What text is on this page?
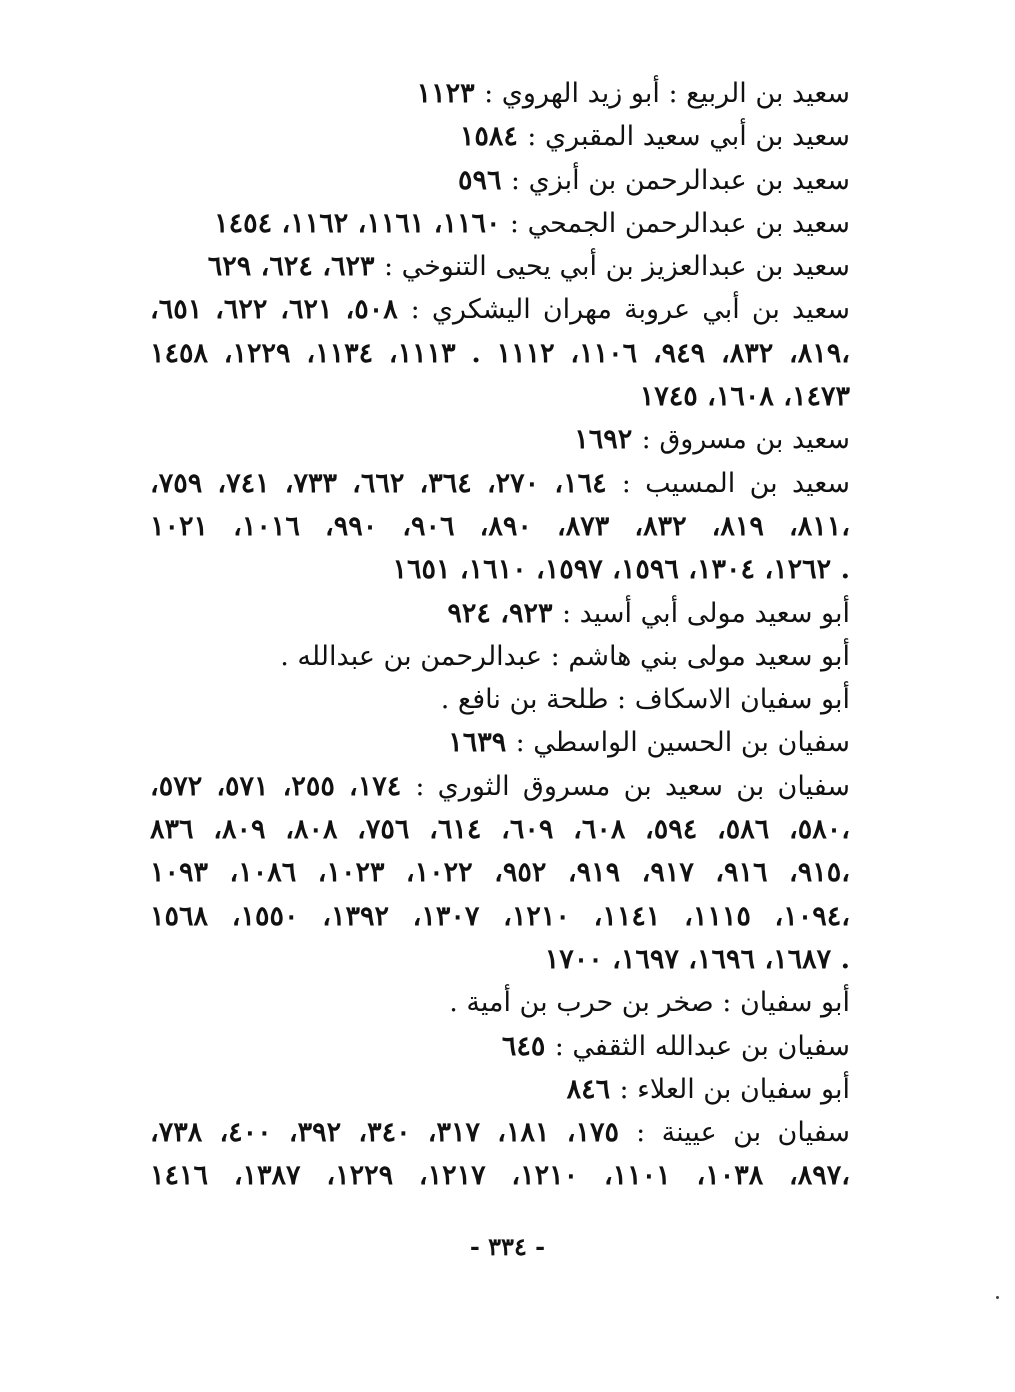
سعيد بن الربيع : أبو زيد الهروي : ١١٢٣
سعيد بن أبي سعيد المقبري : ١٥٨٤
سعيد بن عبدالرحمن بن أبزي : ٥٩٦
سعيد بن عبدالرحمن الجمحي : ١١٦٠، ١١٦١، ١١٦٢، ١٤٥٤
سعيد بن عبدالعزيز بن أبي يحيى التنوخي : ٦٢٣، ٦٢٤، ٦٢٩
سعيد بن أبي عروبة مهران اليشكري : ٥٠٨، ٦٢١، ٦٢٢، ٦٥١،
٨١٩، ٨٣٢، ٩٤٩، ١١٠٦، ١١١٢ . ١١١٣، ١١٣٤، ١٢٢٩، ١٤٥٨،
١٤٧٣، ١٦٠٨، ١٧٤٥
سعيد بن مسروق : ١٦٩٢
سعيد بن المسيب : ١٦٤، ٢٧٠، ٣٦٤، ٦٦٢، ٧٣٣، ٧٤١، ٧٥٩،
٨١١، ٨١٩، ٨٣٢، ٨٧٣، ٨٩٠، ٩٠٦، ٩٩٠، ١٠١٦، ١٠٢١،
١٢٦٢، ١٣٠٤، ١٥٩٦، ١٥٩٧، ١٦١٠، ١٦٥١ .
أبو سعيد مولى أبي أسيد : ٩٢٣، ٩٢٤
أبو سعيد مولى بني هاشم : عبدالرحمن بن عبدالله .
أبو سفيان الاسكاف : طلحة بن نافع .
سفيان بن الحسين الواسطي : ١٦٣٩
سفيان بن سعيد بن مسروق الثوري : ١٧٤، ٢٥٥، ٥٧١، ٥٧٢،
٥٨٠، ٥٨٦، ٥٩٤، ٦٠٨، ٦٠٩، ٦١٤، ٧٥٦، ٨٠٨، ٨٠٩، ٨٣٦،
٩١٥، ٩١٦، ٩١٧، ٩١٩، ٩٥٢، ١٠٢٢، ١٠٢٣، ١٠٨٦، ١٠٩٣،
١٠٩٤، ١١١٥، ١١٤١، ١٢١٠، ١٣٠٧، ١٣٩٢، ١٥٥٠، ١٥٦٨،
١٦٨٧، ١٦٩٦، ١٦٩٧، ١٧٠٠ .
أبو سفيان : صخر بن حرب بن أمية .
سفيان بن عبدالله الثقفي : ٦٤٥
أبو سفيان بن العلاء : ٨٤٦
سفيان بن عيينة : ١٧٥، ١٨١، ٣١٧، ٣٤٠، ٣٩٢، ٤٠٠، ٧٣٨،
٨٩٧، ١٠٣٨، ١١٠١، ١٢١٠، ١٢١٧، ١٢٢٩، ١٣٨٧، ١٤١٦،
- ٣٣٤ -
